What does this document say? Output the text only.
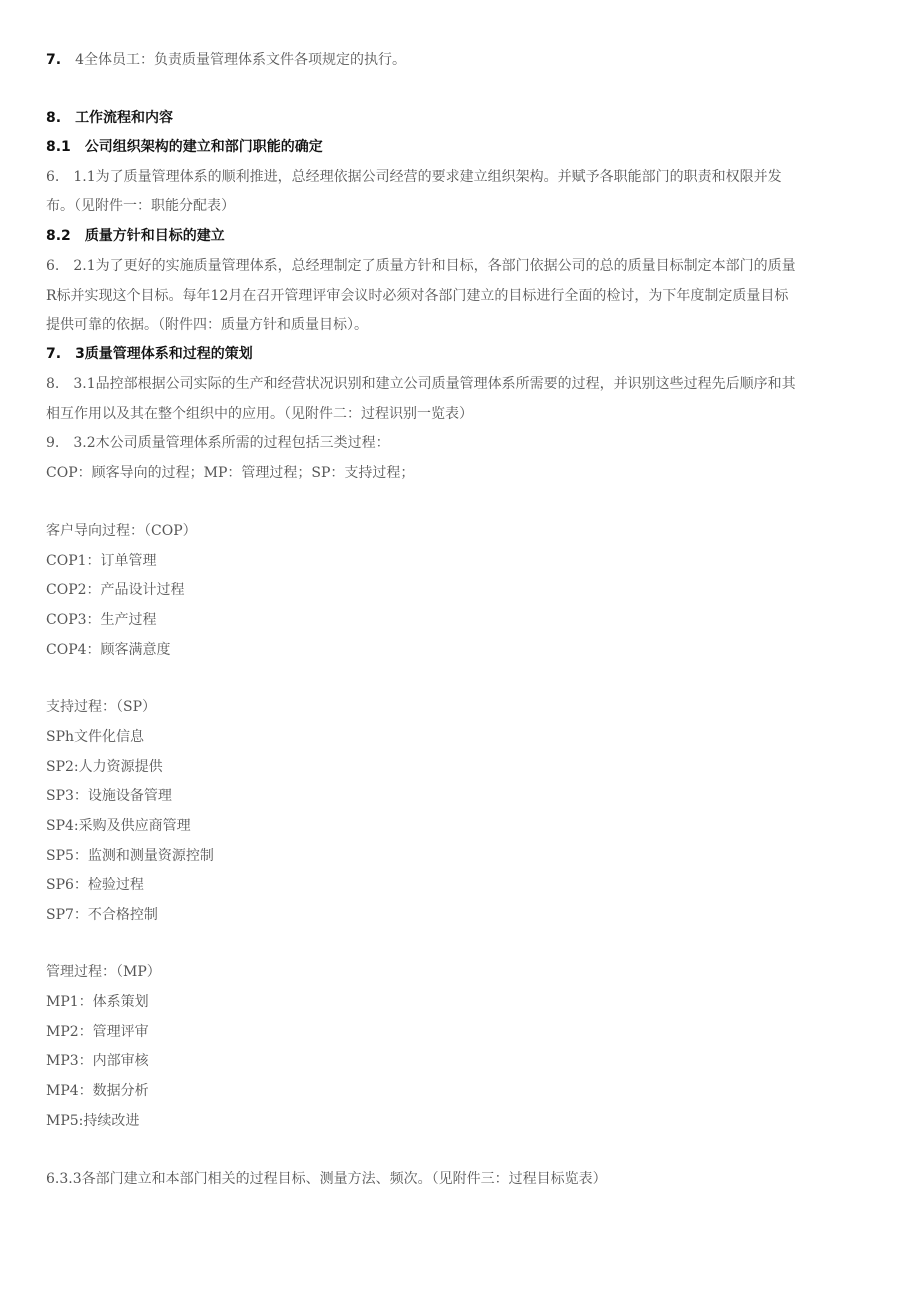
7. 4全体员工：负责质量管理体系文件各项规定的执行。
8. 工作流程和内容
8.1 公司组织架构的建立和部门职能的确定
6. 1.1为了质量管理体系的顺利推进，总经理依据公司经营的要求建立组织架构。并赋予各职能部门的职责和权限并发
布。（见附件一：职能分配表）
8.2 质量方针和目标的建立
6. 2.1为了更好的实施质量管理体系，总经理制定了质量方针和目标，各部门依据公司的总的质量目标制定本部门的质量
R标并实现这个目标。每年12月在召开管理评审会议时必须对各部门建立的目标进行全面的检讨，为下年度制定质量目标
提供可靠的依据。（附件四：质量方针和质量目标）。
7. 3质量管理体系和过程的策划
8. 3.1品控部根据公司实际的生产和经营状况识别和建立公司质量管理体系所需要的过程，并识别这些过程先后顺序和其
相互作用以及其在整个组织中的应用。（见附件二：过程识别一览表）
9. 3.2木公司质量管理体系所需的过程包括三类过程：
COP：顾客导向的过程；MP：管理过程；SP：支持过程；
客户导向过程：（COP）
COP1：订单管理
COP2：产品设计过程
COP3：生产过程
COP4：顾客满意度
支持过程：（SP）
SPh文件化信息
SP2:人力资源提供
SP3：设施设备管理
SP4:采购及供应商管理
SP5：监测和测量资源控制
SP6：检验过程
SP7：不合格控制
管理过程：（MP）
MP1：体系策划
MP2：管理评审
MP3：内部审核
MP4：数据分析
MP5:持续改进
6.3.3各部门建立和本部门相关的过程目标、测量方法、频次。（见附件三：过程目标览表）
